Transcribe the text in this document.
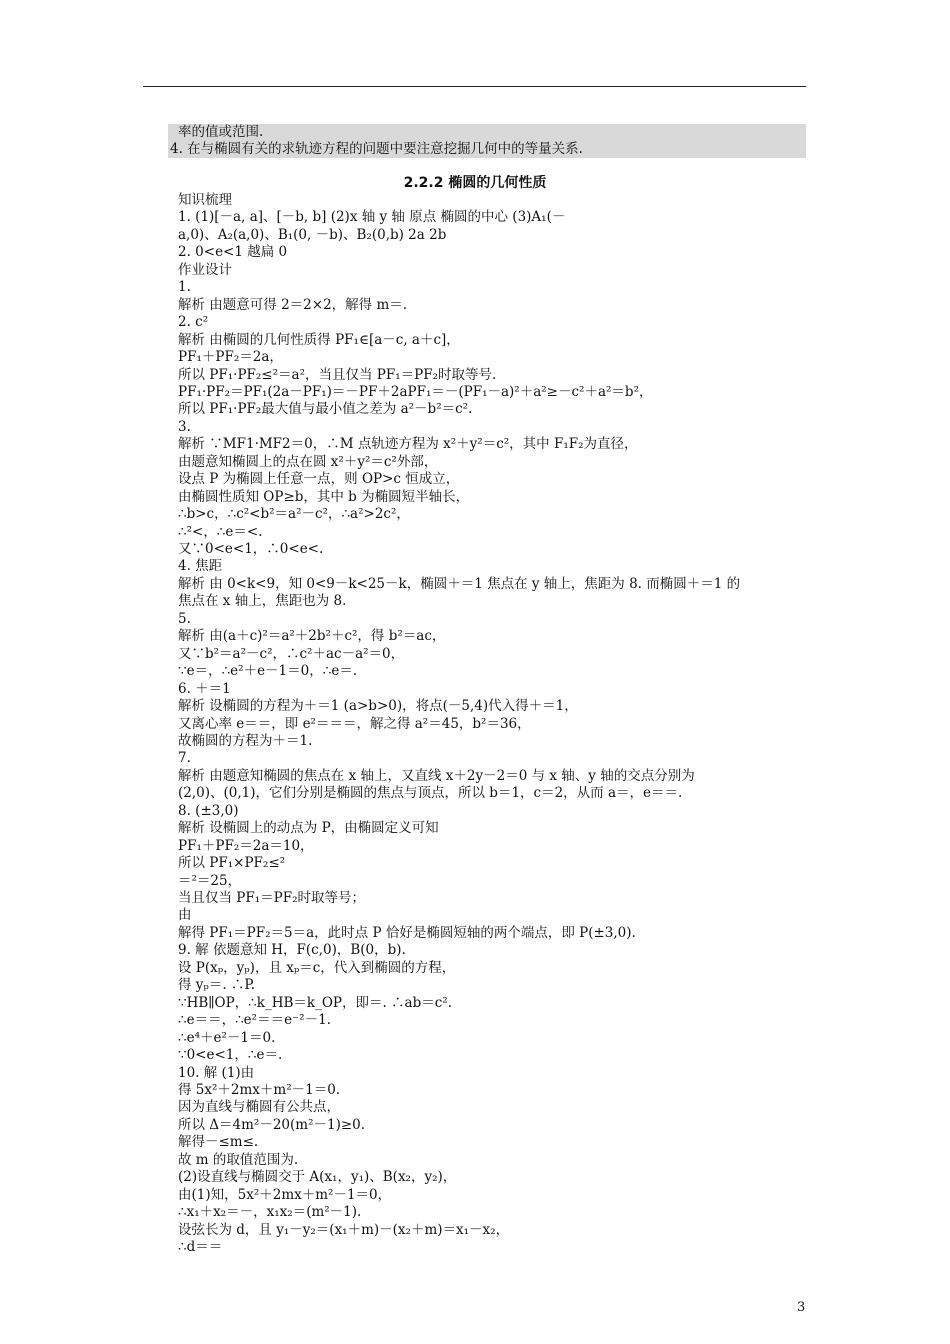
率的值或范围.
4. 在与椭圆有关的求轨迹方程的问题中要注意挖掘几何中的等量关系.
2.2.2 椭圆的几何性质
知识梳理
1. (1)[－a, a]、[－b, b] (2)x 轴 y 轴 原点 椭圆的中心 (3)A₁(－
a,0)、A₂(a,0)、B₁(0, －b)、B₂(0,b) 2a 2b
2. 0<e<1 越扁 0
作业设计
1.
解析 由题意可得 2＝2×2，解得 m＝.
2. c²
解析 由椭圆的几何性质得 PF₁∈[a－c, a＋c]，
PF₁＋PF₂＝2a，
所以 PF₁·PF₂≤²＝a²，当且仅当 PF₁＝PF₂时取等号.
PF₁·PF₂＝PF₁(2a－PF₁)＝－PF＋2aPF₁＝－(PF₁－a)²＋a²≥－c²＋a²＝b²，
所以 PF₁·PF₂最大值与最小值之差为 a²－b²＝c².
3.
解析 ∵MF1·MF2＝0，∴M 点轨迹方程为 x²＋y²＝c²，其中 F₁F₂为直径，
由题意知椭圆上的点在圆 x²＋y²＝c²外部，
设点 P 为椭圆上任意一点，则 OP>c 恒成立，
由椭圆性质知 OP≥b，其中 b 为椭圆短半轴长，
∴b>c，∴c²<b²＝a²－c²，∴a²>2c²，
∴²<，∴e＝<.
又∵0<e<1，∴0<e<.
4. 焦距
解析 由 0<k<9，知 0<9－k<25－k，椭圆＋＝1 焦点在 y 轴上，焦距为 8. 而椭圆＋＝1 的
焦点在 x 轴上，焦距也为 8.
5.
解析 由(a＋c)²＝a²＋2b²＋c²，得 b²＝ac，
又∵b²＝a²－c²，∴c²＋ac－a²＝0，
∵e＝，∴e²＋e－1＝0，∴e＝.
6. ＋＝1
解析 设椭圆的方程为＋＝1 (a>b>0)，将点(－5,4)代入得＋＝1，
又离心率 e＝＝，即 e²＝＝＝，解之得 a²＝45，b²＝36，
故椭圆的方程为＋＝1.
7.
解析 由题意知椭圆的焦点在 x 轴上，又直线 x＋2y－2＝0 与 x 轴、y 轴的交点分别为
(2,0)、(0,1)，它们分别是椭圆的焦点与顶点，所以 b＝1，c＝2，从而 a＝，e＝＝.
8. (±3,0)
解析 设椭圆上的动点为 P，由椭圆定义可知
PF₁＋PF₂＝2a＝10，
所以 PF₁×PF₂≤²
＝²＝25，
当且仅当 PF₁＝PF₂时取等号；
由
解得 PF₁＝PF₂＝5＝a，此时点 P 恰好是椭圆短轴的两个端点，即 P(±3,0).
9. 解 依题意知 H，F(c,0)，B(0，b).
设 P(xₚ，yₚ)，且 xₚ＝c，代入到椭圆的方程，
得 yₚ＝. ∴P.
∵HB∥OP，∴k_HB＝k_OP，即＝. ∴ab＝c².
∴e＝＝，∴e²＝＝e⁻²－1.
∴e⁴＋e²－1＝0.
∵0<e<1，∴e＝.
10. 解 (1)由
得 5x²＋2mx＋m²－1＝0.
因为直线与椭圆有公共点，
所以 Δ＝4m²－20(m²－1)≥0.
解得－≤m≤.
故 m 的取值范围为.
(2)设直线与椭圆交于 A(x₁，y₁)、B(x₂，y₂)，
由(1)知，5x²＋2mx＋m²－1＝0，
∴x₁＋x₂＝－，x₁x₂＝(m²－1).
设弦长为 d，且 y₁－y₂＝(x₁＋m)－(x₂＋m)＝x₁－x₂，
∴d＝＝
3
